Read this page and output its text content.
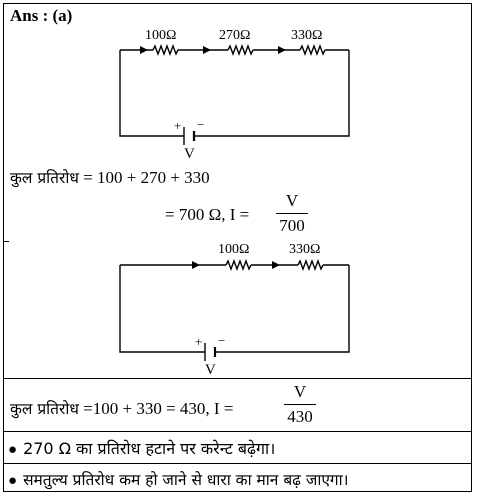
Ans : (a)
100Ω	270Ω	330Ω
+ −
V
कुल प्रतिरोध = 100 + 270 + 330
= 700 Ω, I =
V
700
100Ω	330Ω
+ −
V
कुल प्रतिरोध =100 + 330 = 430, I =
V
430
● 270 Ω का प्रतिरोध हटाने पर करेन्ट बढ़ेगा।
● समतुल्य प्रतिरोध कम हो जाने से धारा का मान बढ़ जाएगा।
